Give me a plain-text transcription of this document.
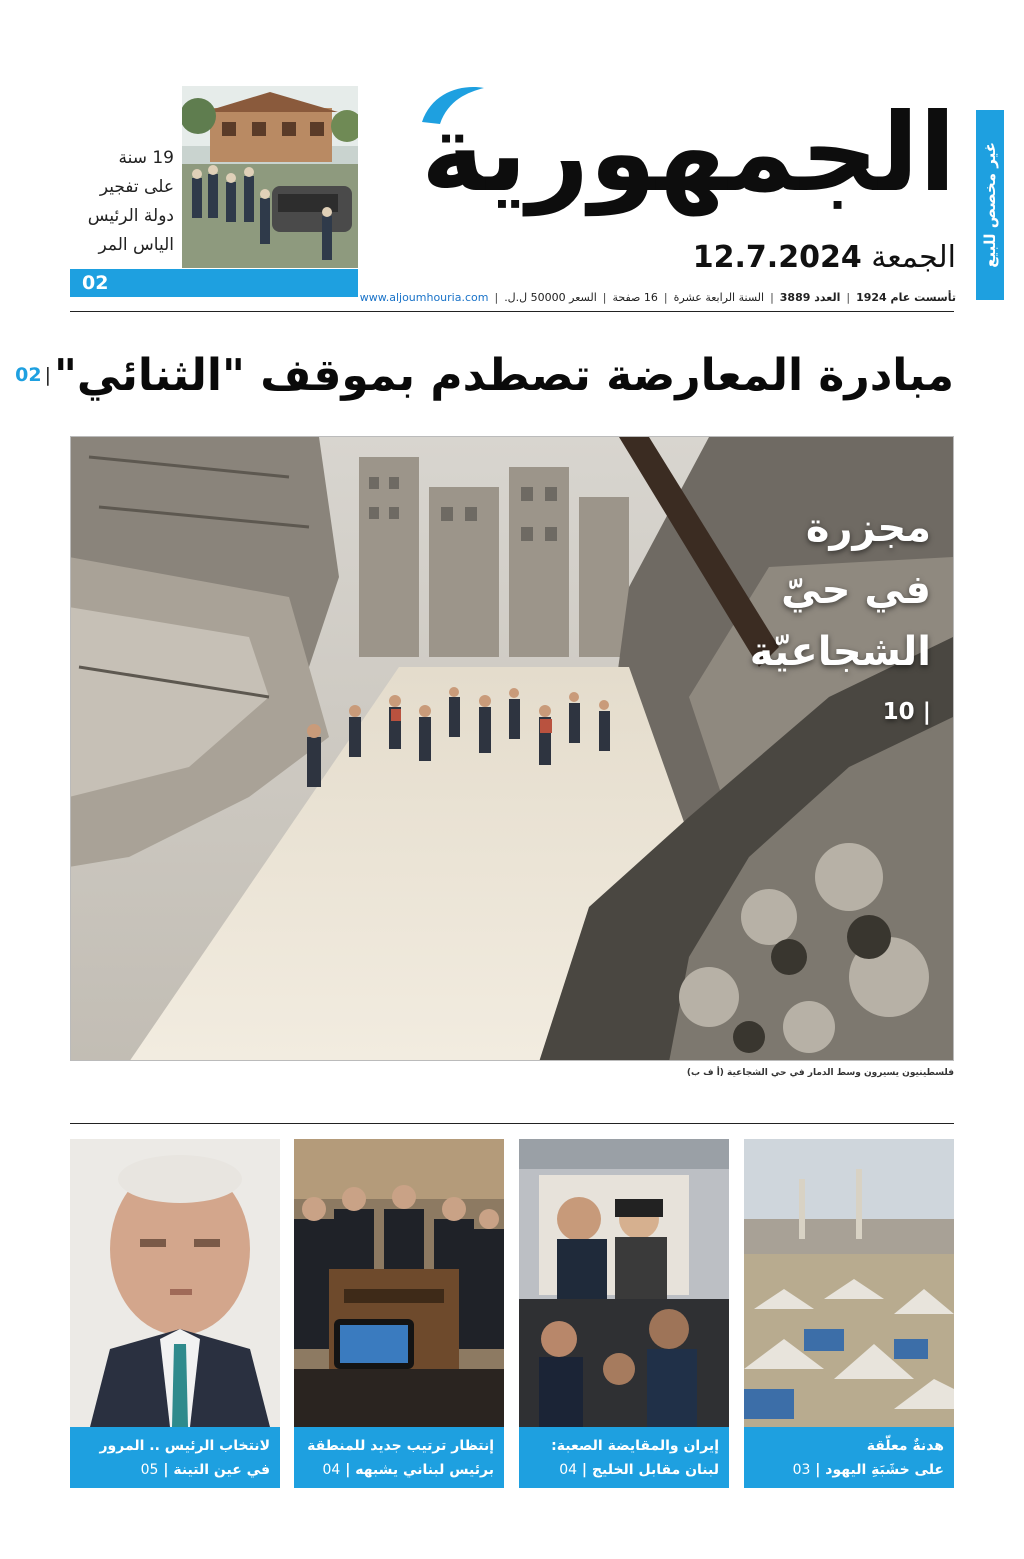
غير مخصص للبيع
الجمهورية
الجمعة 12.7.2024
تأسست عام 1924
|
العدد 3889
|
السنة الرابعة عشرة
|
16 صفحة
|
السعر 50000 ل.ل.
|
www.aljoumhouria.com
19 سنة
على تفجير
دولة الرئيس
الياس المر
02
مبادرة المعارضة تصطدم بموقف "الثنائي"
02 |
مجزرة
في حيّ
الشجاعيّة
10 |
فلسطينيون يسيرون وسط الدمار في حي الشجاعية (أ ف ب)
هدنةٌ معلّقة
على خشَبَةِ اليهود | 03
إيران والمقايضة الصعبة:
لبنان مقابل الخليج | 04
إنتظار ترتيب جديد للمنطقة
برئيس لبناني يشبهه | 04
لانتخاب الرئيس .. المرور
في عين التينة | 05
